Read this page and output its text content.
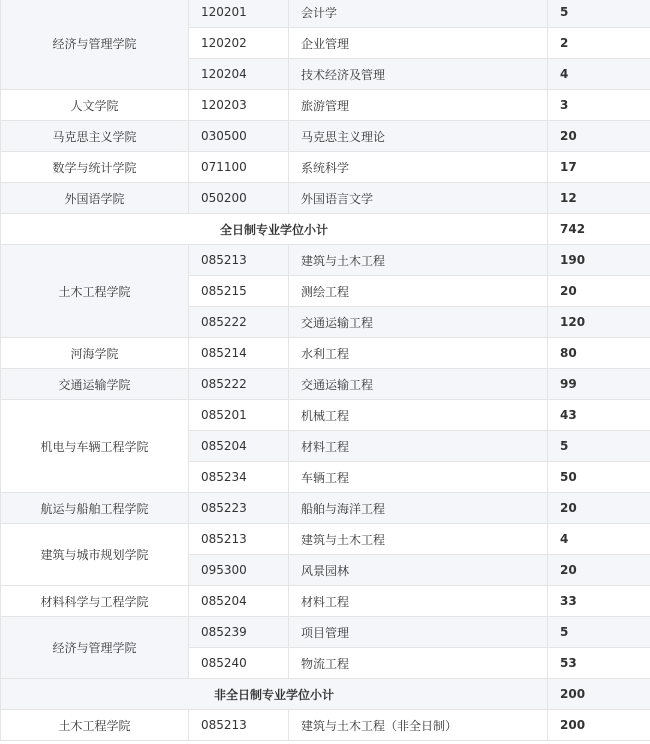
经济与管理学院	120201	会计学	5
	120202	企业管理	2
	120204	技术经济及管理	4
人文学院	120203	旅游管理	3
马克思主义学院	030500	马克思主义理论	20
数学与统计学院	071100	系统科学	17
外国语学院	050200	外国语言文学	12
全日制专业学位小计			742
土木工程学院	085213	建筑与土木工程	190
	085215	测绘工程	20
	085222	交通运输工程	120
河海学院	085214	水利工程	80
交通运输学院	085222	交通运输工程	99
机电与车辆工程学院	085201	机械工程	43
	085204	材料工程	5
	085234	车辆工程	50
航运与船舶工程学院	085223	船舶与海洋工程	20
建筑与城市规划学院	085213	建筑与土木工程	4
	095300	风景园林	20
材料科学与工程学院	085204	材料工程	33
经济与管理学院	085239	项目管理	5
	085240	物流工程	53
非全日制专业学位小计			200
土木工程学院	085213	建筑与土木工程（非全日制）	200
